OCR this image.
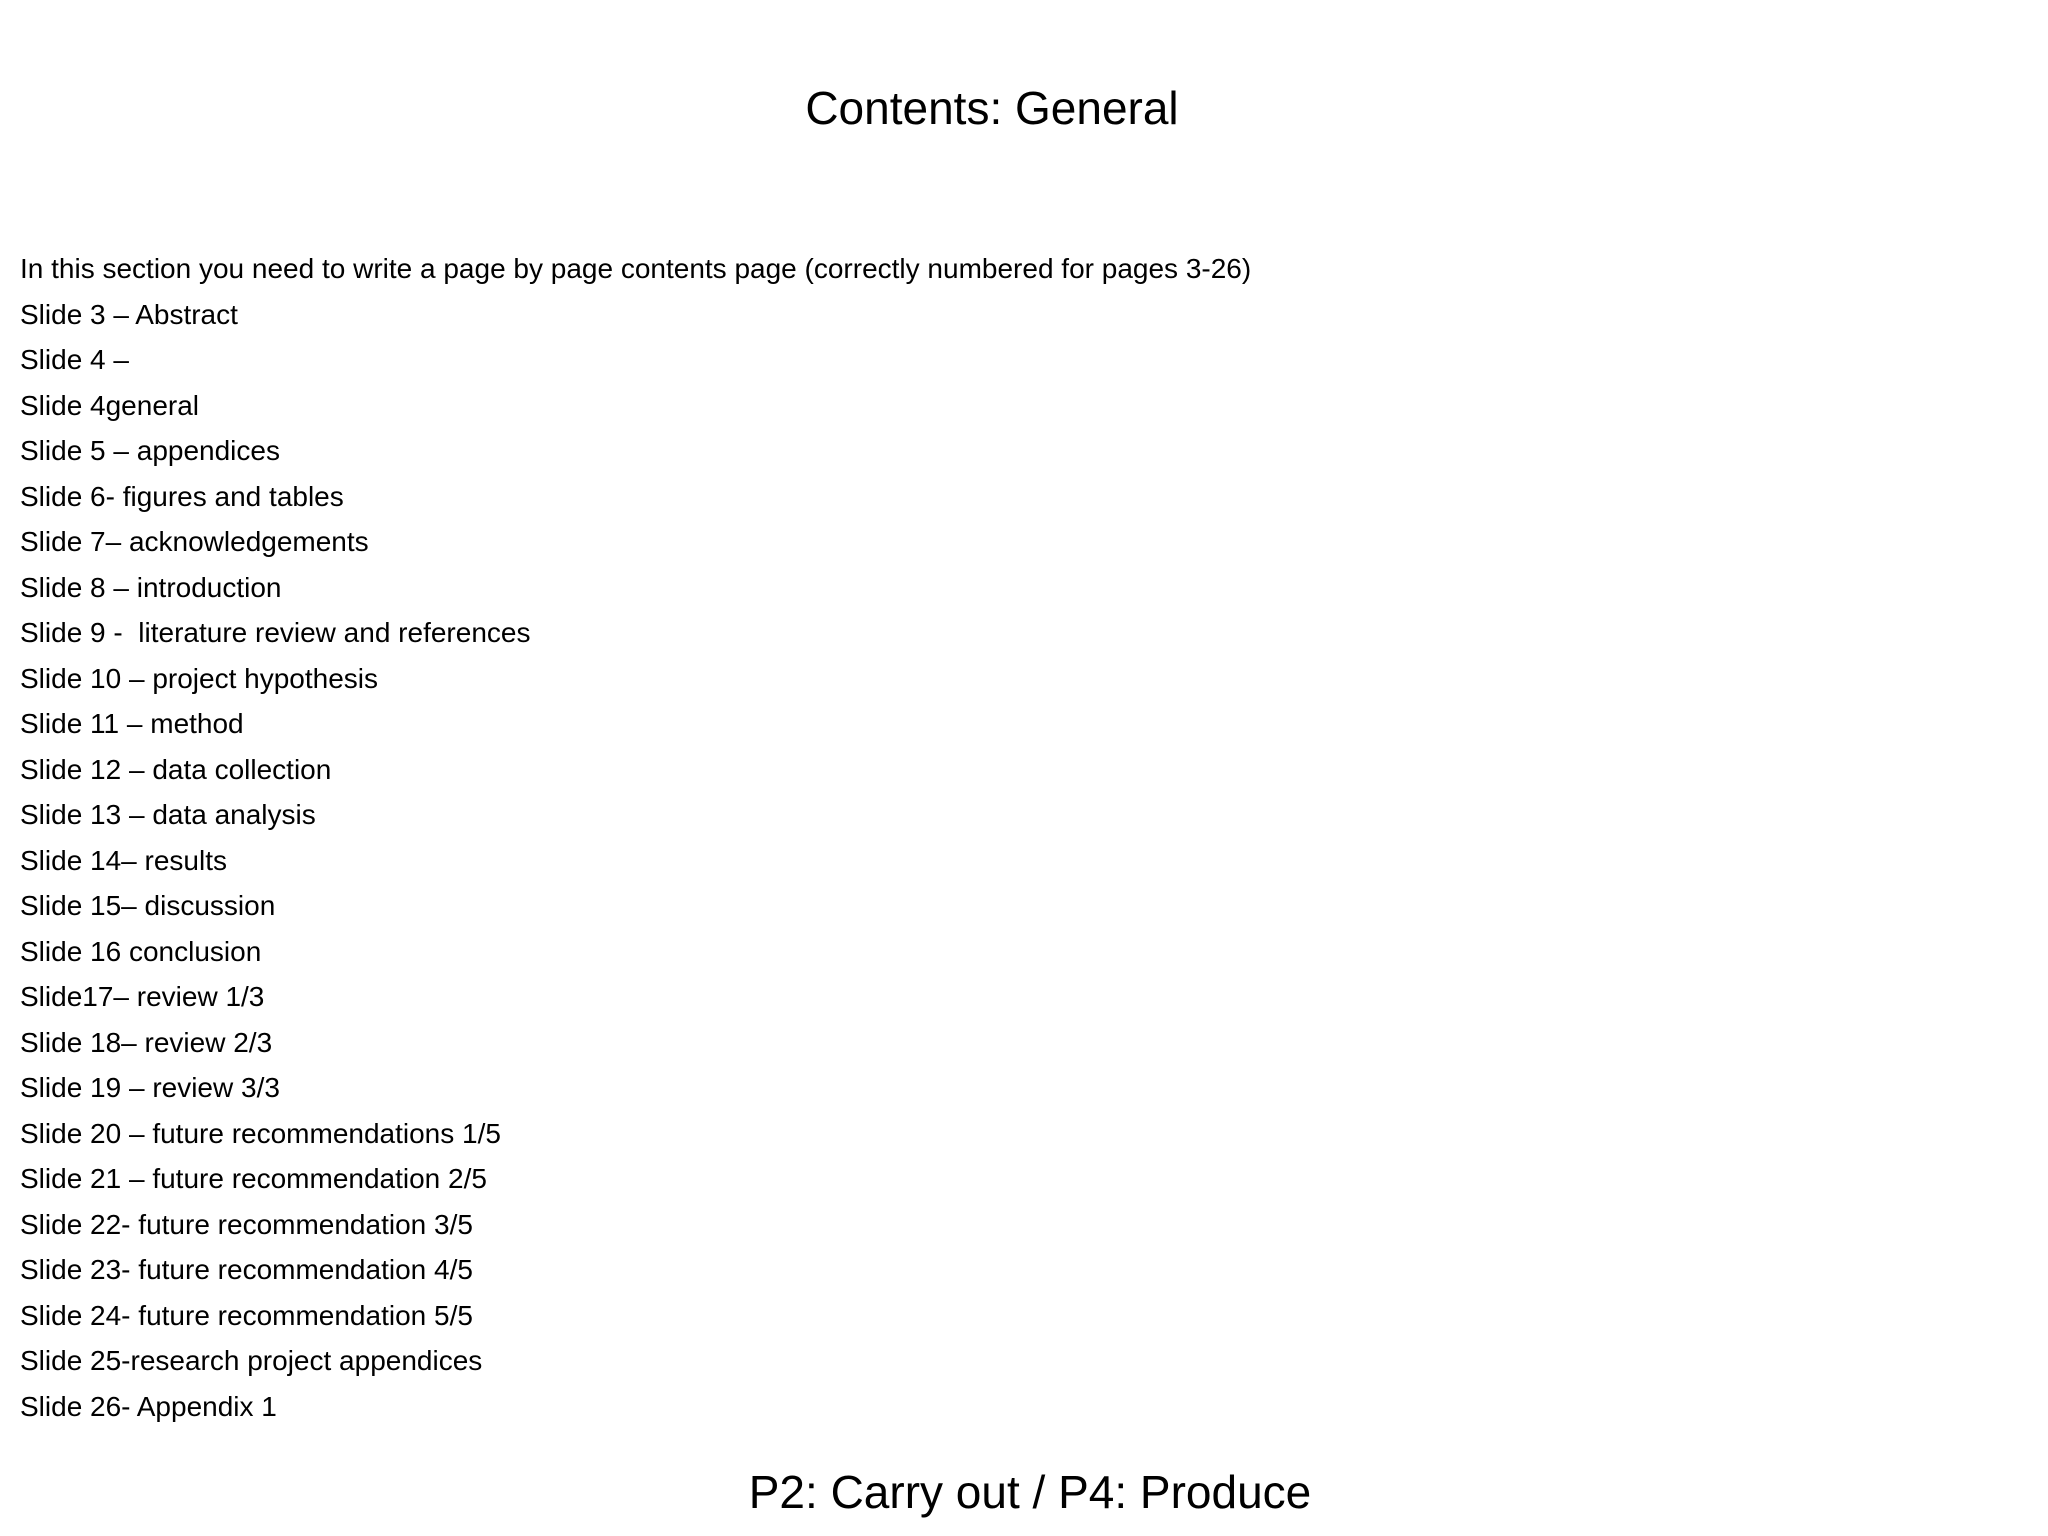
Contents: General
In this section you need to write a page by page contents page (correctly numbered for pages 3-26)
Slide 3 – Abstract
Slide 4 –
Slide 4general
Slide 5 – appendices
Slide 6- figures and tables
Slide 7– acknowledgements
Slide 8 – introduction
Slide 9 -  literature review and references
Slide 10 – project hypothesis
Slide 11 – method
Slide 12 – data collection
Slide 13 – data analysis
Slide 14– results
Slide 15– discussion
Slide 16 conclusion
Slide17– review 1/3
Slide 18– review 2/3
Slide 19 – review 3/3
Slide 20 – future recommendations 1/5
Slide 21 – future recommendation 2/5
Slide 22- future recommendation 3/5
Slide 23- future recommendation 4/5
Slide 24- future recommendation 5/5
Slide 25-research project appendices
Slide 26- Appendix 1
P2: Carry out / P4: Produce
